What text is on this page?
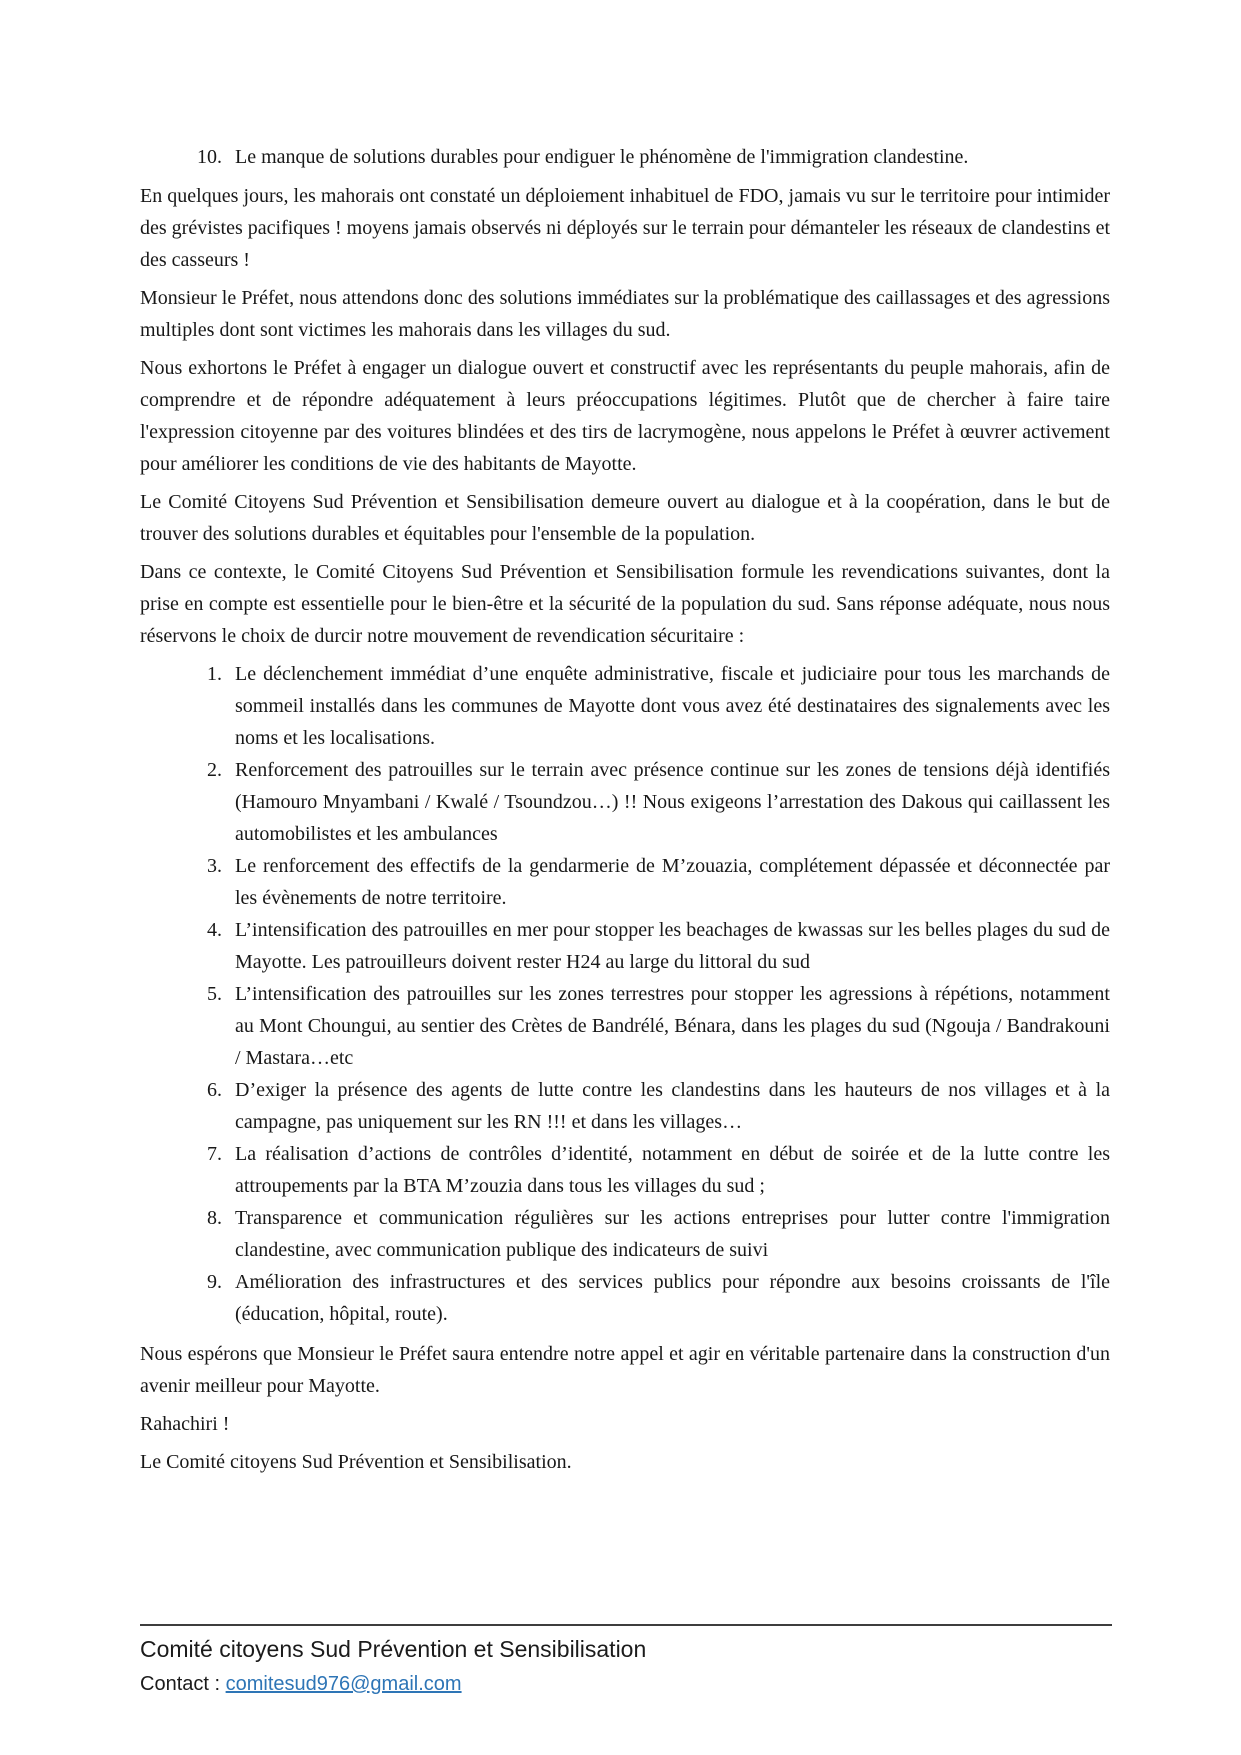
10. Le manque de solutions durables pour endiguer le phénomène de l'immigration clandestine.

En quelques jours, les mahorais ont constaté un déploiement inhabituel de FDO, jamais vu sur le territoire pour intimider des grévistes pacifiques ! moyens jamais observés ni déployés sur le terrain pour démanteler les réseaux de clandestins et des casseurs !

Monsieur le Préfet, nous attendons donc des solutions immédiates sur la problématique des caillassages et des agressions multiples dont sont victimes les mahorais dans les villages du sud.

Nous exhortons le Préfet à engager un dialogue ouvert et constructif avec les représentants du peuple mahorais, afin de comprendre et de répondre adéquatement à leurs préoccupations légitimes. Plutôt que de chercher à faire taire l'expression citoyenne par des voitures blindées et des tirs de lacrymogène, nous appelons le Préfet à œuvrer activement pour améliorer les conditions de vie des habitants de Mayotte.

Le Comité Citoyens Sud Prévention et Sensibilisation demeure ouvert au dialogue et à la coopération, dans le but de trouver des solutions durables et équitables pour l'ensemble de la population.

Dans ce contexte, le Comité Citoyens Sud Prévention et Sensibilisation formule les revendications suivantes, dont la prise en compte est essentielle pour le bien-être et la sécurité de la population du sud. Sans réponse adéquate, nous nous réservons le choix de durcir notre mouvement de revendication sécuritaire :

1. Le déclenchement immédiat d’une enquête administrative, fiscale et judiciaire pour tous les marchands de sommeil installés dans les communes de Mayotte dont vous avez été destinataires des signalements avec les noms et les localisations.
2. Renforcement des patrouilles sur le terrain avec présence continue sur les zones de tensions déjà identifiés (Hamouro Mnyambani / Kwalé / Tsoundzou…) !! Nous exigeons l’arrestation des Dakous qui caillassent les automobilistes et les ambulances
3. Le renforcement des effectifs de la gendarmerie de M’zouazia, complétement dépassée et déconnectée par les évènements de notre territoire.
4. L’intensification des patrouilles en mer pour stopper les beachages de kwassas sur les belles plages du sud de Mayotte. Les patrouilleurs doivent rester H24 au large du littoral du sud
5. L’intensification des patrouilles sur les zones terrestres pour stopper les agressions à répétions, notamment au Mont Choungui, au sentier des Crètes de Bandrélé, Bénara, dans les plages du sud (Ngouja / Bandrakouni / Mastara…etc
6. D’exiger la présence des agents de lutte contre les clandestins dans les hauteurs de nos villages et à la campagne, pas uniquement sur les RN !!! et dans les villages…
7. La réalisation d’actions de contrôles d’identité, notamment en début de soirée et de la lutte contre les attroupements par la BTA M’zouzia dans tous les villages du sud ;
8. Transparence et communication régulières sur les actions entreprises pour lutter contre l'immigration clandestine, avec communication publique des indicateurs de suivi
9. Amélioration des infrastructures et des services publics pour répondre aux besoins croissants de l'île (éducation, hôpital, route).

Nous espérons que Monsieur le Préfet saura entendre notre appel et agir en véritable partenaire dans la construction d'un avenir meilleur pour Mayotte.

Rahachiri !

Le Comité citoyens Sud Prévention et Sensibilisation.

Comité citoyens Sud Prévention et Sensibilisation
Contact : comitesud976@gmail.com
